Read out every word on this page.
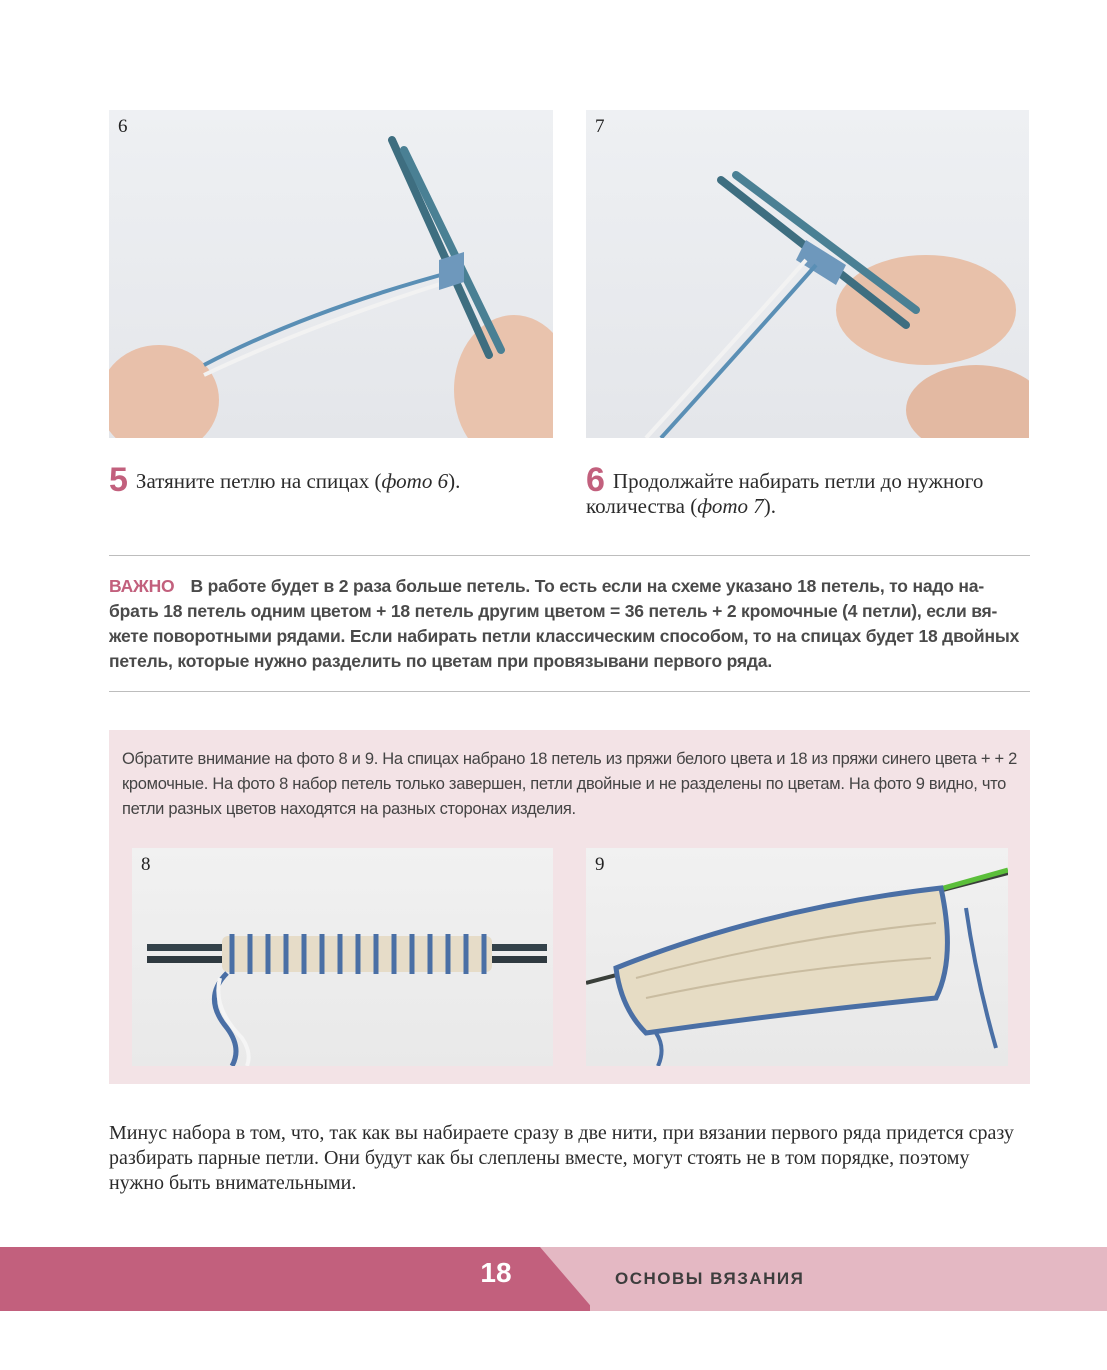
6	7
5 Затяните петлю на спицах (фото 6).	6 Продолжайте набирать петли до нужного количества (фото 7).
ВАЖНО В работе будет в 2 раза больше петель. То есть если на схеме указано 18 петель, то надо набрать 18 петель одним цветом + 18 петель другим цветом = 36 петель + 2 кромочные (4 петли), если вяжете поворотными рядами. Если набирать петли классическим способом, то на спицах будет 18 двойных петель, которые нужно разделить по цветам при провязывани первого ряда.
Обратите внимание на фото 8 и 9. На спицах набрано 18 петель из пряжи белого цвета и 18 из пряжи синего цвета + + 2 кромочные. На фото 8 набор петель только завершен, петли двойные и не разделены по цветам. На фото 9 видно, что петли разных цветов находятся на разных сторонах изделия.
8	9
Минус набора в том, что, так как вы набираете сразу в две нити, при вязании первого ряда придется сразу разбирать парные петли. Они будут как бы слеплены вместе, могут стоять не в том порядке, поэтому нужно быть внимательными.
18	ОСНОВЫ ВЯЗАНИЯ
